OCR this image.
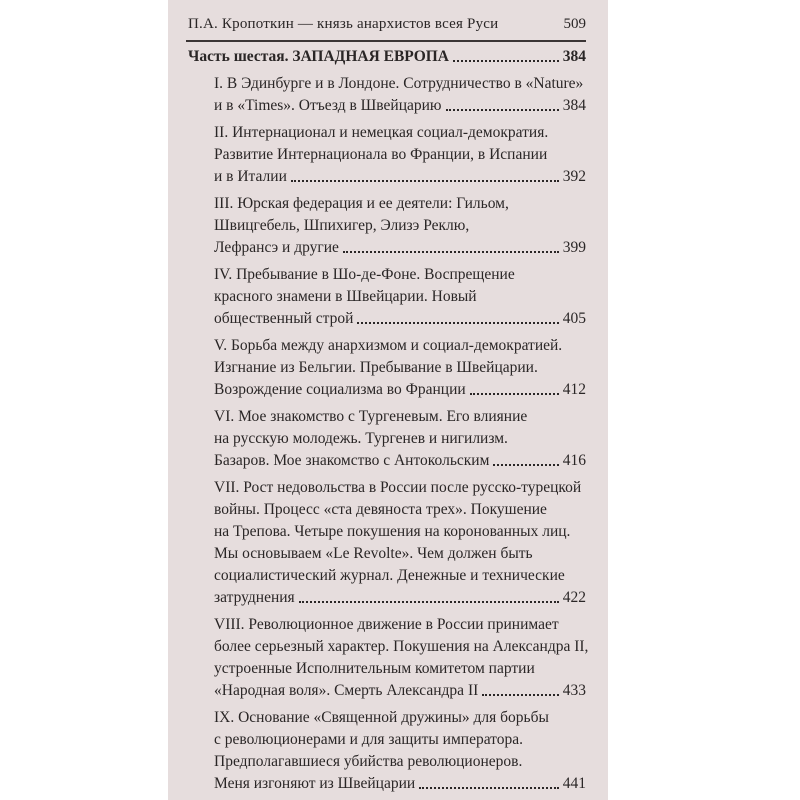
П.А. Кропоткин — князь анархистов всея Руси	509
Часть шестая. ЗАПАДНАЯ ЕВРОПА	384
I. В Эдинбурге и в Лондоне. Сотрудничество в «Nature»
и в «Times». Отъезд в Швейцарию	384
II. Интернационал и немецкая социал-демократия.
Развитие Интернационала во Франции, в Испании
и в Италии	392
III. Юрская федерация и ее деятели: Гильом,
Швицгебель, Шпихигер, Элизэ Реклю,
Лефрансэ и другие	399
IV. Пребывание в Шо-де-Фоне. Воспрещение
красного знамени в Швейцарии. Новый
общественный строй	405
V. Борьба между анархизмом и социал-демократией.
Изгнание из Бельгии. Пребывание в Швейцарии.
Возрождение социализма во Франции	412
VI. Мое знакомство с Тургеневым. Его влияние
на русскую молодежь. Тургенев и нигилизм.
Базаров. Мое знакомство с Антокольским	416
VII. Рост недовольства в России после русско-турецкой
войны. Процесс «ста девяноста трех». Покушение
на Трепова. Четыре покушения на коронованных лиц.
Мы основываем «Le Revolte». Чем должен быть
социалистический журнал. Денежные и технические
затруднения	422
VIII. Революционное движение в России принимает
более серьезный характер. Покушения на Александра II,
устроенные Исполнительным комитетом партии
«Народная воля». Смерть Александра II	433
IX. Основание «Священной дружины» для борьбы
с революционерами и для защиты императора.
Предполагавшиеся убийства революционеров.
Меня изгоняют из Швейцарии	441
